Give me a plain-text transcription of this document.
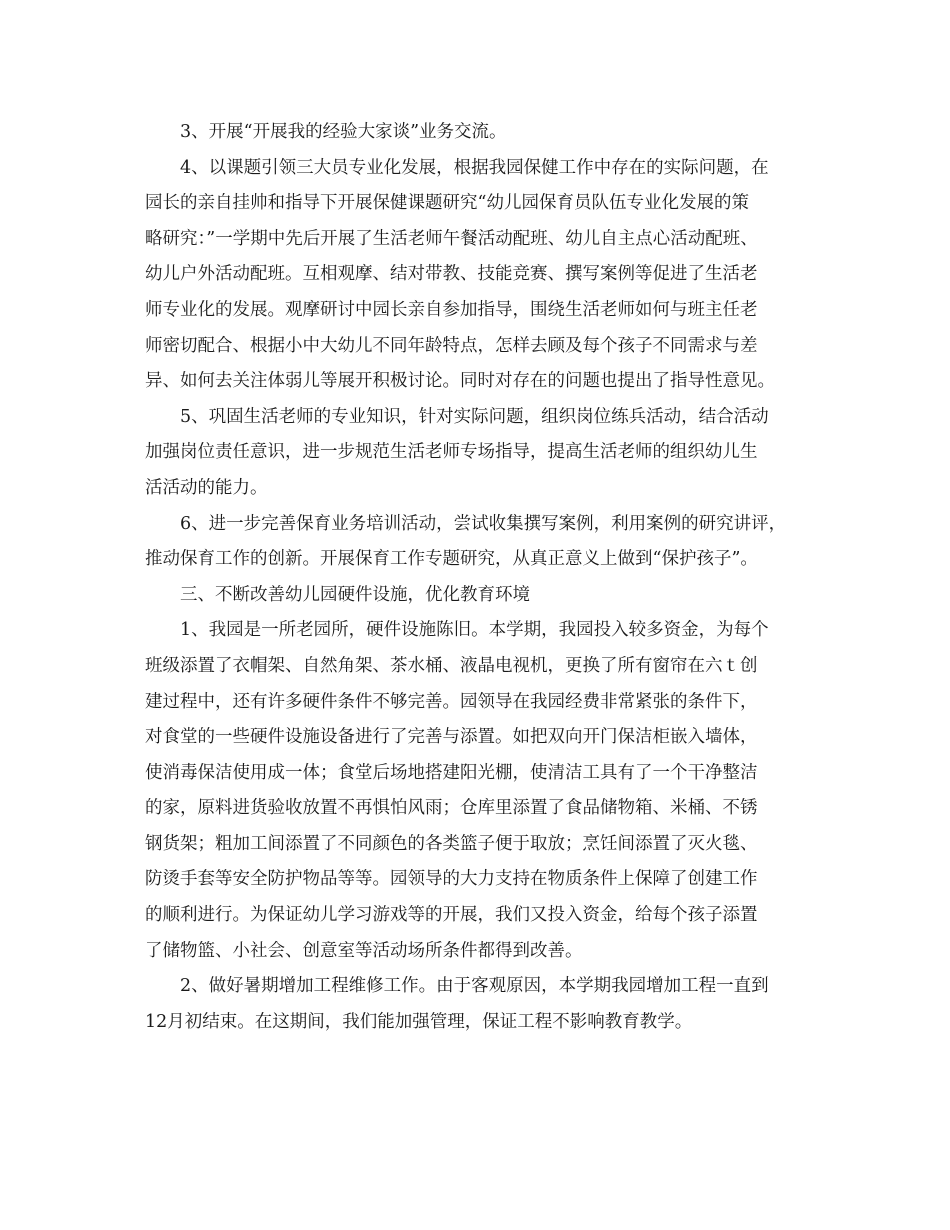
3、开展“开展我的经验大家谈”业务交流。
4、以课题引领三大员专业化发展，根据我园保健工作中存在的实际问题，在
园长的亲自挂帅和指导下开展保健课题研究“幼儿园保育员队伍专业化发展的策
略研究：”一学期中先后开展了生活老师午餐活动配班、幼儿自主点心活动配班、
幼儿户外活动配班。互相观摩、结对带教、技能竞赛、撰写案例等促进了生活老
师专业化的发展。观摩研讨中园长亲自参加指导，围绕生活老师如何与班主任老
师密切配合、根据小中大幼儿不同年龄特点，怎样去顾及每个孩子不同需求与差
异、如何去关注体弱儿等展开积极讨论。同时对存在的问题也提出了指导性意见。
5、巩固生活老师的专业知识，针对实际问题，组织岗位练兵活动，结合活动
加强岗位责任意识，进一步规范生活老师专场指导，提高生活老师的组织幼儿生
活活动的能力。
6、进一步完善保育业务培训活动，尝试收集撰写案例，利用案例的研究讲评，
推动保育工作的创新。开展保育工作专题研究，从真正意义上做到“保护孩子”。
三、不断改善幼儿园硬件设施，优化教育环境
1、我园是一所老园所，硬件设施陈旧。本学期，我园投入较多资金，为每个
班级添置了衣帽架、自然角架、茶水桶、液晶电视机，更换了所有窗帘在六ｔ创
建过程中，还有许多硬件条件不够完善。园领导在我园经费非常紧张的条件下，
对食堂的一些硬件设施设备进行了完善与添置。如把双向开门保洁柜嵌入墙体，
使消毒保洁使用成一体；食堂后场地搭建阳光棚，使清洁工具有了一个干净整洁
的家，原料进货验收放置不再惧怕风雨；仓库里添置了食品储物箱、米桶、不锈
钢货架；粗加工间添置了不同颜色的各类篮子便于取放；烹饪间添置了灭火毯、
防烫手套等安全防护物品等等。园领导的大力支持在物质条件上保障了创建工作
的顺利进行。为保证幼儿学习游戏等的开展，我们又投入资金，给每个孩子添置
了储物篮、小社会、创意室等活动场所条件都得到改善。
2、做好暑期增加工程维修工作。由于客观原因，本学期我园增加工程一直到
12月初结束。在这期间，我们能加强管理，保证工程不影响教育教学。
